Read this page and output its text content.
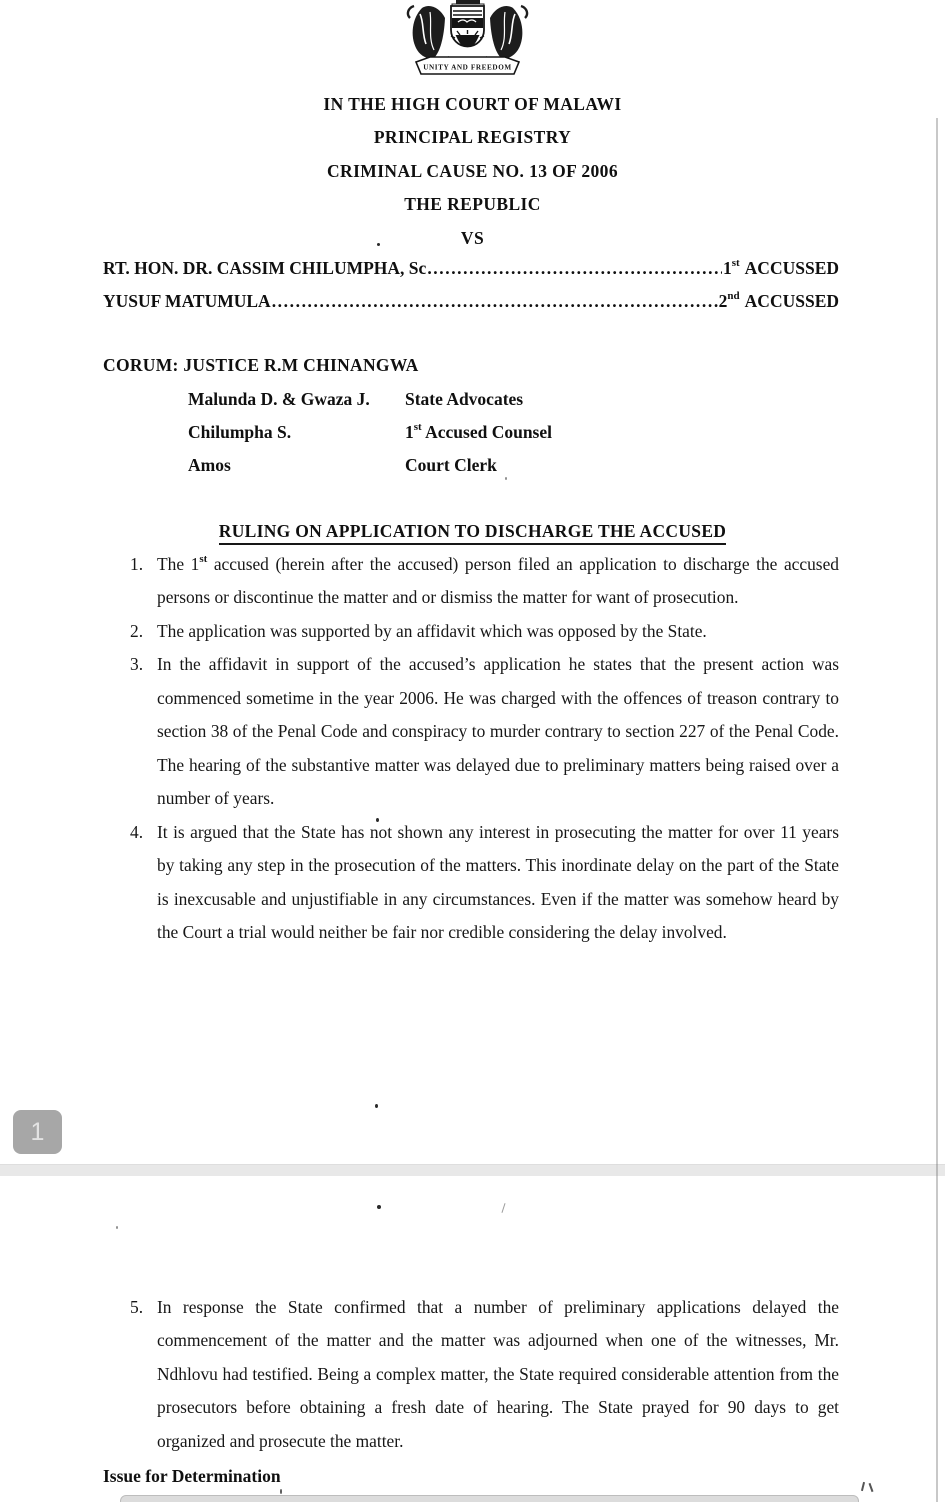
UNITY AND FREEDOM
IN THE HIGH COURT OF MALAWI
PRINCIPAL REGISTRY
CRIMINAL CAUSE NO. 13 OF 2006
THE REPUBLIC
VS
RT. HON. DR. CASSIM CHILUMPHA, Sc .....	1st ACCUSSED
YUSUF MATUMULA .....	2nd ACCUSSED
CORUM: JUSTICE R.M CHINANGWA
Malunda D. & Gwaza J.	State Advocates
Chilumpha S.	1st Accused Counsel
Amos	Court Clerk
RULING ON APPLICATION TO DISCHARGE THE ACCUSED
1. The 1st accused (herein after the accused) person filed an application to discharge the accused persons or discontinue the matter and or dismiss the matter for want of prosecution.
2. The application was supported by an affidavit which was opposed by the State.
3. In the affidavit in support of the accused’s application he states that the present action was commenced sometime in the year 2006. He was charged with the offences of treason contrary to section 38 of the Penal Code and conspiracy to murder contrary to section 227 of the Penal Code. The hearing of the substantive matter was delayed due to preliminary matters being raised over a number of years.
4. It is argued that the State has not shown any interest in prosecuting the matter for over 11 years by taking any step in the prosecution of the matters. This inordinate delay on the part of the State is inexcusable and unjustifiable in any circumstances. Even if the matter was somehow heard by the Court a trial would neither be fair nor credible considering the delay involved.
1
5. In response the State confirmed that a number of preliminary applications delayed the commencement of the matter and the matter was adjourned when one of the witnesses, Mr. Ndhlovu had testified. Being a complex matter, the State required considerable attention from the prosecutors before obtaining a fresh date of hearing. The State prayed for 90 days to get organized and prosecute the matter.
Issue for Determination
